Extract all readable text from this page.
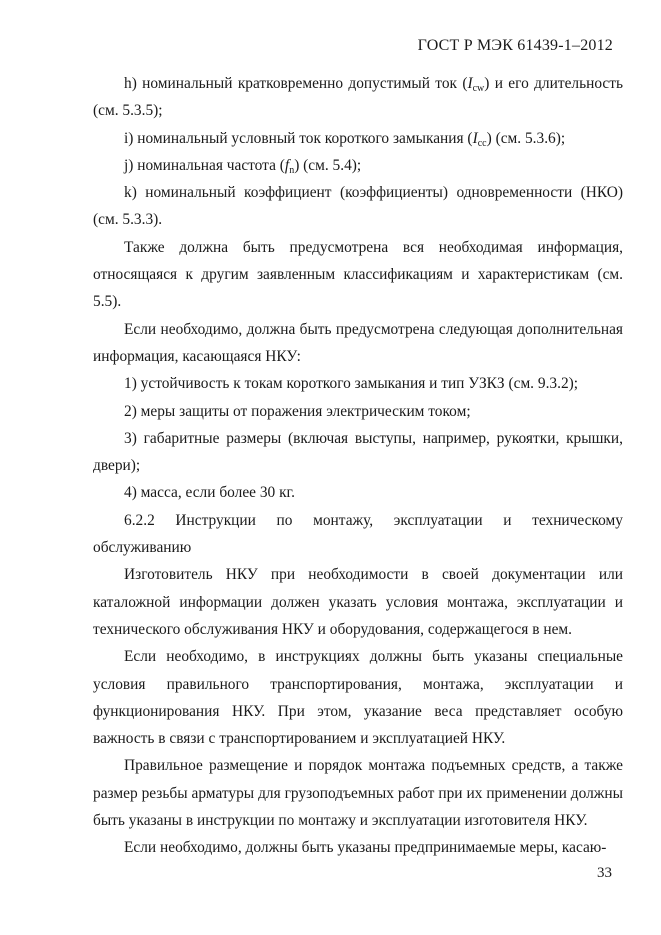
ГОСТ Р МЭК 61439-1–2012

h) номинальный кратковременно допустимый ток $(I_{cw})$ и его длительность (см. 5.3.5);

i) номинальный условный ток короткого замыкания $(I_{cc})$ (см. 5.3.6);

j) номинальная частота $(f_n)$ (см. 5.4);

k) номинальный коэффициент (коэффициенты) одновременности (НКО) (см. 5.3.3).

Также должна быть предусмотрена вся необходимая информация, относящаяся к другим заявленным классификациям и характеристикам (см. 5.5).

Если необходимо, должна быть предусмотрена следующая дополнительная информация, касающаяся НКУ:

1) устойчивость к токам короткого замыкания и тип УЗКЗ (см. 9.3.2);

2) меры защиты от поражения электрическим током;

3) габаритные размеры (включая выступы, например, рукоятки, крышки, двери);

4) масса, если более 30 кг.

6.2.2 Инструкции по монтажу, эксплуатации и техническому обслуживанию

Изготовитель НКУ при необходимости в своей документации или каталожной информации должен указать условия монтажа, эксплуатации и технического обслуживания НКУ и оборудования, содержащегося в нем.

Если необходимо, в инструкциях должны быть указаны специальные условия правильного транспортирования, монтажа, эксплуатации и функционирования НКУ. При этом, указание веса представляет особую важность в связи с транспортированием и эксплуатацией НКУ.

Правильное размещение и порядок монтажа подъемных средств, а также размер резьбы арматуры для грузоподъемных работ при их применении должны быть указаны в инструкции по монтажу и эксплуатации изготовителя НКУ.

Если необходимо, должны быть указаны предпринимаемые меры, касаю-

33
